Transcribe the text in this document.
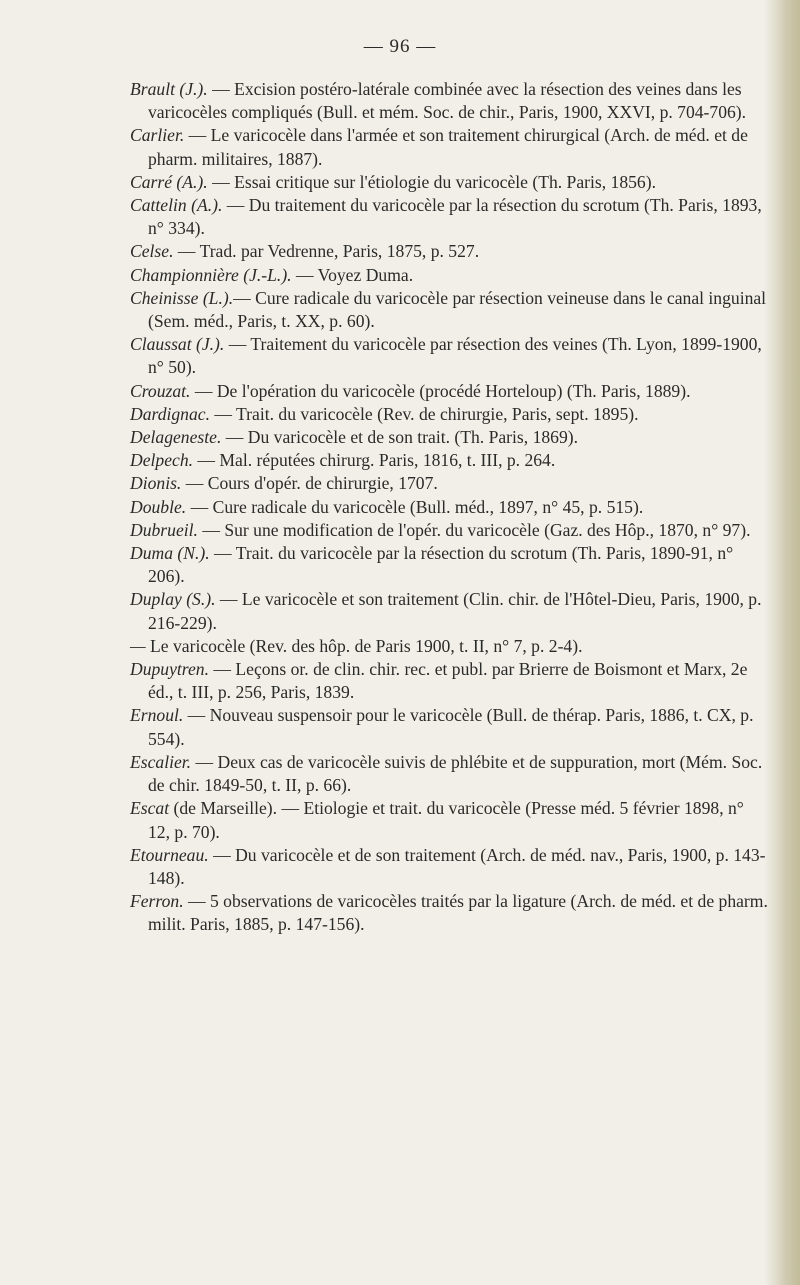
— 96 —
Brault (J.). — Excision postéro-latérale combinée avec la résection des veines dans les varicocèles compliqués (Bull. et mém. Soc. de chir., Paris, 1900, XXVI, p. 704-706).
Carlier. — Le varicocèle dans l'armée et son traitement chirurgical (Arch. de méd. et de pharm. militaires, 1887).
Carré (A.). — Essai critique sur l'étiologie du varicocèle (Th. Paris, 1856).
Cattelin (A.). — Du traitement du varicocèle par la résection du scrotum (Th. Paris, 1893, n° 334).
Celse. — Trad. par Vedrenne, Paris, 1875, p. 527.
Championnière (J.-L.). — Voyez Duma.
Cheinisse (L.).— Cure radicale du varicocèle par résection veineuse dans le canal inguinal (Sem. méd., Paris, t. XX, p. 60).
Claussat (J.). — Traitement du varicocèle par résection des veines (Th. Lyon, 1899-1900, n° 50).
Crouzat. — De l'opération du varicocèle (procédé Horteloup) (Th. Paris, 1889).
Dardignac. — Trait. du varicocèle (Rev. de chirurgie, Paris, sept. 1895).
Delageneste. — Du varicocèle et de son trait. (Th. Paris, 1869).
Delpech. — Mal. réputées chirurg. Paris, 1816, t. III, p. 264.
Dionis. — Cours d'opér. de chirurgie, 1707.
Double. — Cure radicale du varicocèle (Bull. méd., 1897, n° 45, p. 515).
Dubrueil. — Sur une modification de l'opér. du varicocèle (Gaz. des Hôp., 1870, n° 97).
Duma (N.). — Trait. du varicocèle par la résection du scrotum (Th. Paris, 1890-91, n° 206).
Duplay (S.). — Le varicocèle et son traitement (Clin. chir. de l'Hôtel-Dieu, Paris, 1900, p. 216-229).
— Le varicocèle (Rev. des hôp. de Paris 1900, t. II, n° 7, p. 2-4).
Dupuytren. — Leçons or. de clin. chir. rec. et publ. par Brierre de Boismont et Marx, 2e éd., t. III, p. 256, Paris, 1839.
Ernoul. — Nouveau suspensoir pour le varicocèle (Bull. de thérap. Paris, 1886, t. CX, p. 554).
Escalier. — Deux cas de varicocèle suivis de phlébite et de suppuration, mort (Mém. Soc. de chir. 1849-50, t. II, p. 66).
Escat (de Marseille). — Etiologie et trait. du varicocèle (Presse méd. 5 février 1898, n° 12, p. 70).
Etourneau. — Du varicocèle et de son traitement (Arch. de méd. nav., Paris, 1900, p. 143-148).
Ferron. — 5 observations de varicocèles traités par la ligature (Arch. de méd. et de pharm. milit. Paris, 1885, p. 147-156).
